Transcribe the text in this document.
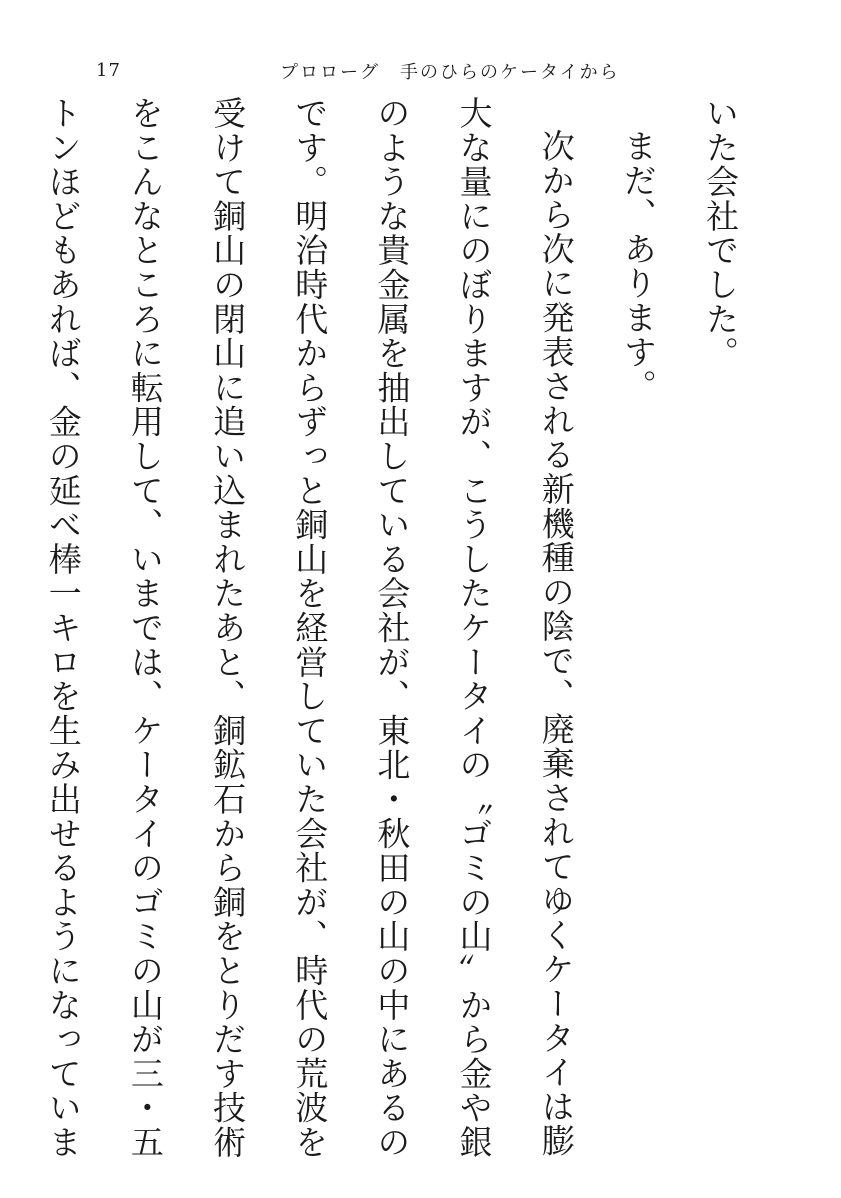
17	プロローグ　手のひらのケータイから

いた会社でした。

まだ、あります。

次から次に発表される新機種の陰で、廃棄されてゆくケータイは膨大な量にのぼりますが、こうしたケータイの〝ゴミの山〟から金や銀のような貴金属を抽出している会社が、東北・秋田の山の中にあるのです。明治時代からずっと銅山を経営していた会社が、時代の荒波を受けて銅山の閉山に追い込まれたあと、銅鉱石から銅をとりだす技術をこんなところに転用して、いまでは、ケータイのゴミの山が三・五トンほどもあれば、金の延べ棒一キロを生み出せるようになっていま
